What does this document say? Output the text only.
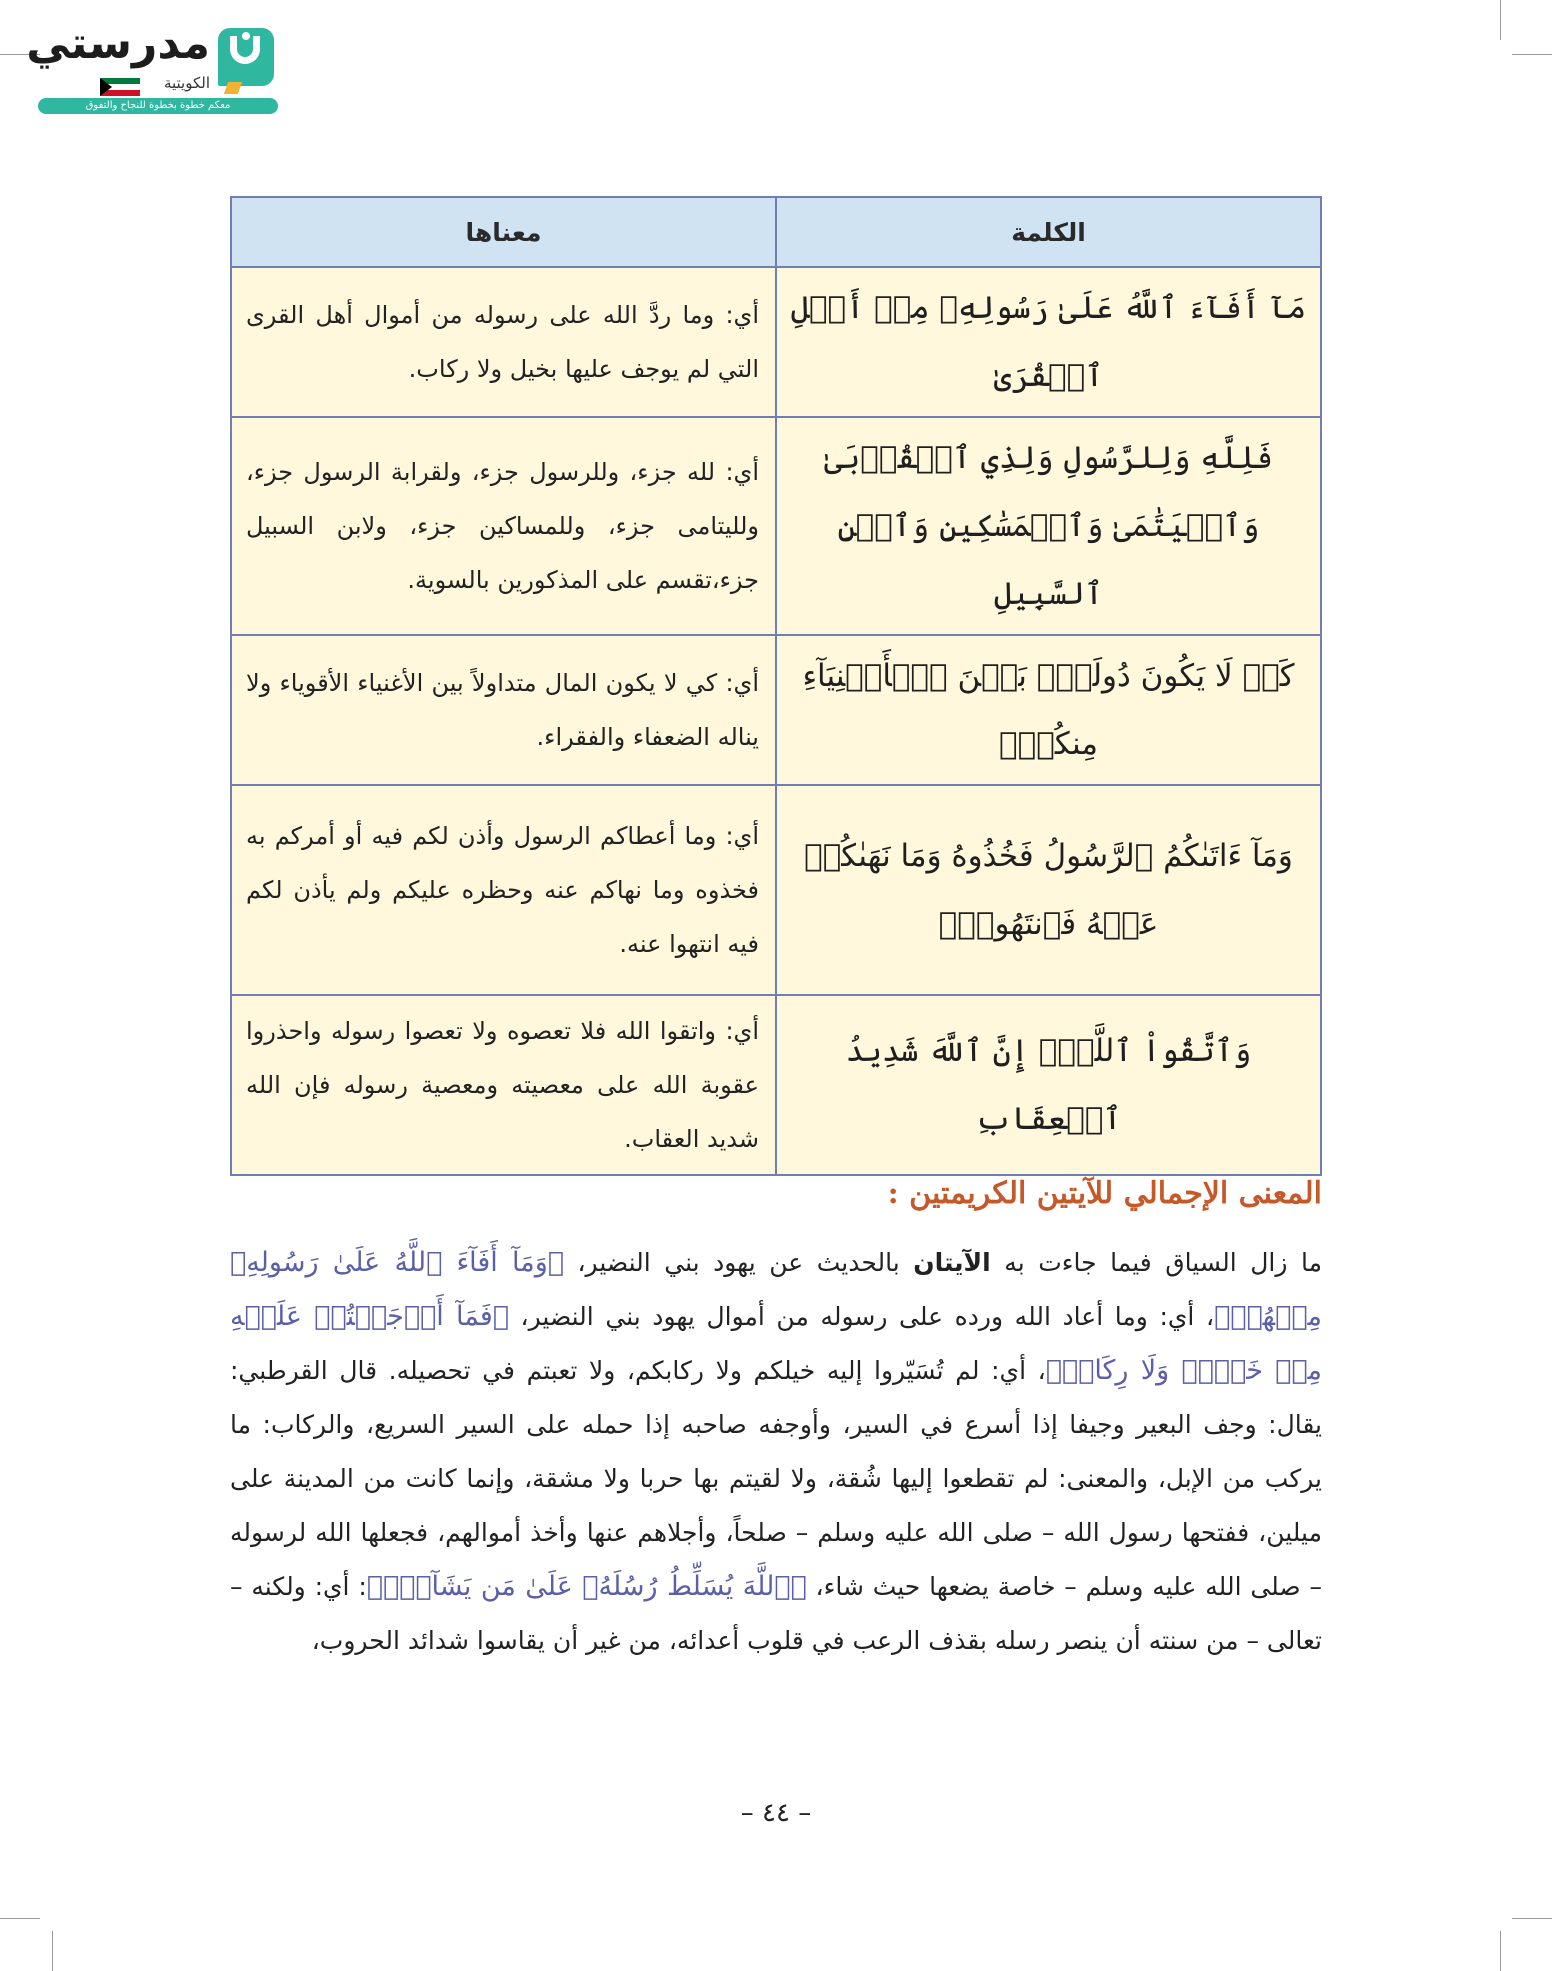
مدرستي
الكويتية
معكم خطوة بخطوة للنجاح والتفوق
الكلمة	معناها
مَآ أَفَآءَ ٱللَّهُ عَلَىٰ رَسُولِهِۦ مِنۡ أَهۡلِ ٱلۡقُرَىٰ	أي: وما ردَّ الله على رسوله من أموال أهل القرى التي لم يوجف عليها بخيل ولا ركاب.
فَلِلَّهِ وَلِلرَّسُولِ وَلِذِي ٱلۡقُرۡبَىٰ وَٱلۡيَتَٰمَىٰ وَٱلۡمَسَٰكِينِ وَٱبۡنِ ٱلسَّبِيلِ	أي: لله جزء، وللرسول جزء، ولقرابة الرسول جزء، ولليتامى جزء، وللمساكين جزء، ولابن السبيل جزء،تقسم على المذكورين بالسوية.
كَيۡ لَا يَكُونَ دُولَةَۢ بَيۡنَ ٱلۡأَغۡنِيَآءِ مِنكُمۡۚ	أي: كي لا يكون المال متداولاً بين الأغنياء الأقوياء ولا يناله الضعفاء والفقراء.
وَمَآ ءَاتَىٰكُمُ ٱلرَّسُولُ فَخُذُوهُ وَمَا نَهَىٰكُمۡ عَنۡهُ فَٱنتَهُواْۚ	أي: وما أعطاكم الرسول وأذن لكم فيه أو أمركم به فخذوه وما نهاكم عنه وحظره عليكم ولم يأذن لكم فيه انتهوا عنه.
وَٱتَّقُواْ ٱللَّهَۖ إِنَّ ٱللَّهَ شَدِيدُ ٱلۡعِقَابِ	أي: واتقوا الله فلا تعصوه ولا تعصوا رسوله واحذروا عقوبة الله على معصيته ومعصية رسوله فإن الله شديد العقاب.
المعنى الإجمالي للآيتين الكريمتين :
ما زال السياق فيما جاءت به الآيتان بالحديث عن يهود بني النضير، ﴿وَمَآ أَفَآءَ ٱللَّهُ عَلَىٰ رَسُولِهِۦ مِنۡهُمۡ﴾، أي: وما أعاد الله ورده على رسوله من أموال يهود بني النضير، ﴿فَمَآ أَوۡجَفۡتُمۡ عَلَيۡهِ مِنۡ خَيۡلٖ وَلَا رِكَابٖ﴾، أي: لم تُسَيّروا إليه خيلكم ولا ركابكم، ولا تعبتم في تحصيله. قال القرطبي: يقال: وجف البعير وجيفا إذا أسرع في السير، وأوجفه صاحبه إذا حمله على السير السريع، والركاب: ما يركب من الإبل، والمعنى: لم تقطعوا إليها شُقة، ولا لقيتم بها حربا ولا مشقة، وإنما كانت من المدينة على ميلين، ففتحها رسول الله – صلى الله عليه وسلم – صلحاً، وأجلاهم عنها وأخذ أموالهم، فجعلها الله لرسوله – صلى الله عليه وسلم – خاصة يضعها حيث شاء، ﴿ٱللَّهَ يُسَلِّطُ رُسُلَهُۥ عَلَىٰ مَن يَشَآءُۚ﴾: أي: ولكنه – تعالى – من سنته أن ينصر رسله بقذف الرعب في قلوب أعدائه، من غير أن يقاسوا شدائد الحروب،
– ٤٤ –
